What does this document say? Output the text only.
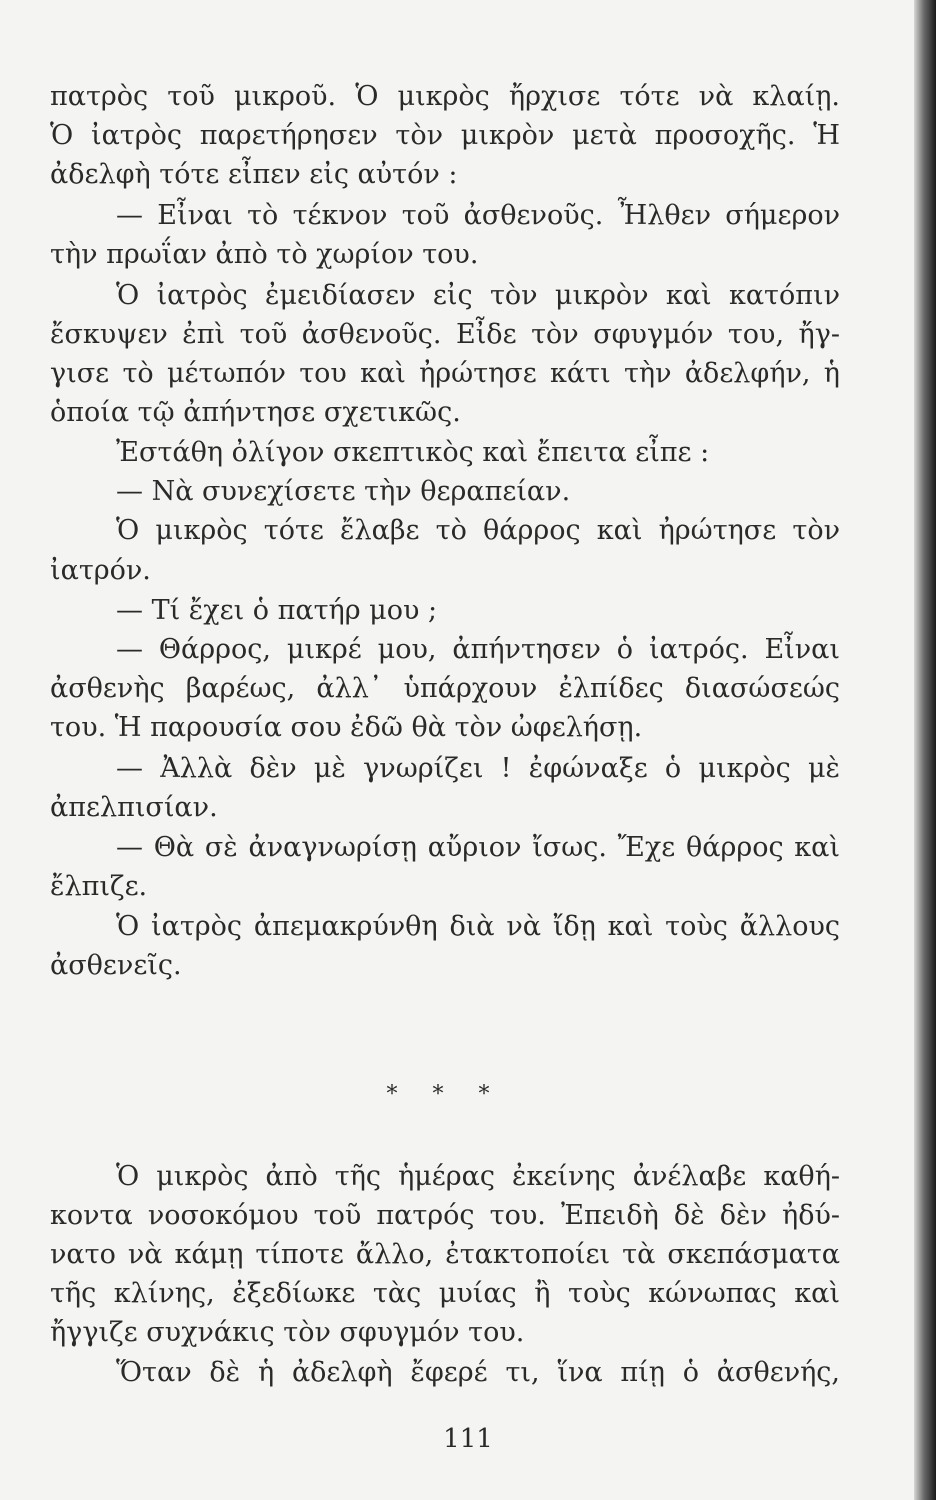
πατρὸς τοῦ μικροῦ. Ὁ μικρὸς ἤρχισε τότε νὰ κλαίῃ.
Ὁ ἰατρὸς παρετήρησεν τὸν μικρὸν μετὰ προσοχῆς. Ἡ
ἀδελφὴ τότε εἶπεν εἰς αὐτόν :
— Εἶναι τὸ τέκνον τοῦ ἀσθενοῦς. Ἦλθεν σήμερον
τὴν πρωΐαν ἀπὸ τὸ χωρίον του.
Ὁ ἰατρὸς ἐμειδίασεν εἰς τὸν μικρὸν καὶ κατόπιν
ἔσκυψεν ἐπὶ τοῦ ἀσθενοῦς. Εἶδε τὸν σφυγμόν του, ἤγ-
γισε τὸ μέτωπόν του καὶ ἠρώτησε κάτι τὴν ἀδελφήν, ἡ
ὁποία τῷ ἀπήντησε σχετικῶς.
Ἐστάθη ὀλίγον σκεπτικὸς καὶ ἔπειτα εἶπε :
— Νὰ συνεχίσετε τὴν θεραπείαν.
Ὁ μικρὸς τότε ἔλαβε τὸ θάρρος καὶ ἠρώτησε τὸν
ἰατρόν.
— Τί ἔχει ὁ πατήρ μου ;
— Θάρρος, μικρέ μου, ἀπήντησεν ὁ ἰατρός. Εἶναι
ἀσθενὴς βαρέως, ἀλλ᾽ ὑπάρχουν ἐλπίδες διασώσεώς
του. Ἡ παρουσία σου ἐδῶ θὰ τὸν ὠφελήσῃ.
— Ἀλλὰ δὲν μὲ γνωρίζει ! ἐφώναξε ὁ μικρὸς μὲ
ἀπελπισίαν.
— Θὰ σὲ ἀναγνωρίσῃ αὔριον ἴσως. Ἔχε θάρρος καὶ
ἔλπιζε.
Ὁ ἰατρὸς ἀπεμακρύνθη διὰ νὰ ἴδῃ καὶ τοὺς ἄλλους
ἀσθενεῖς.
* * *
Ὁ μικρὸς ἀπὸ τῆς ἡμέρας ἐκείνης ἀνέλαβε καθή-
κοντα νοσοκόμου τοῦ πατρός του. Ἐπειδὴ δὲ δὲν ἠδύ-
νατο νὰ κάμῃ τίποτε ἄλλο, ἐτακτοποίει τὰ σκεπάσματα
τῆς κλίνης, ἐξεδίωκε τὰς μυίας ἢ τοὺς κώνωπας καὶ
ἤγγιζε συχνάκις τὸν σφυγμόν του.
Ὅταν δὲ ἡ ἀδελφὴ ἔφερέ τι, ἵνα πίῃ ὁ ἀσθενής,
111
